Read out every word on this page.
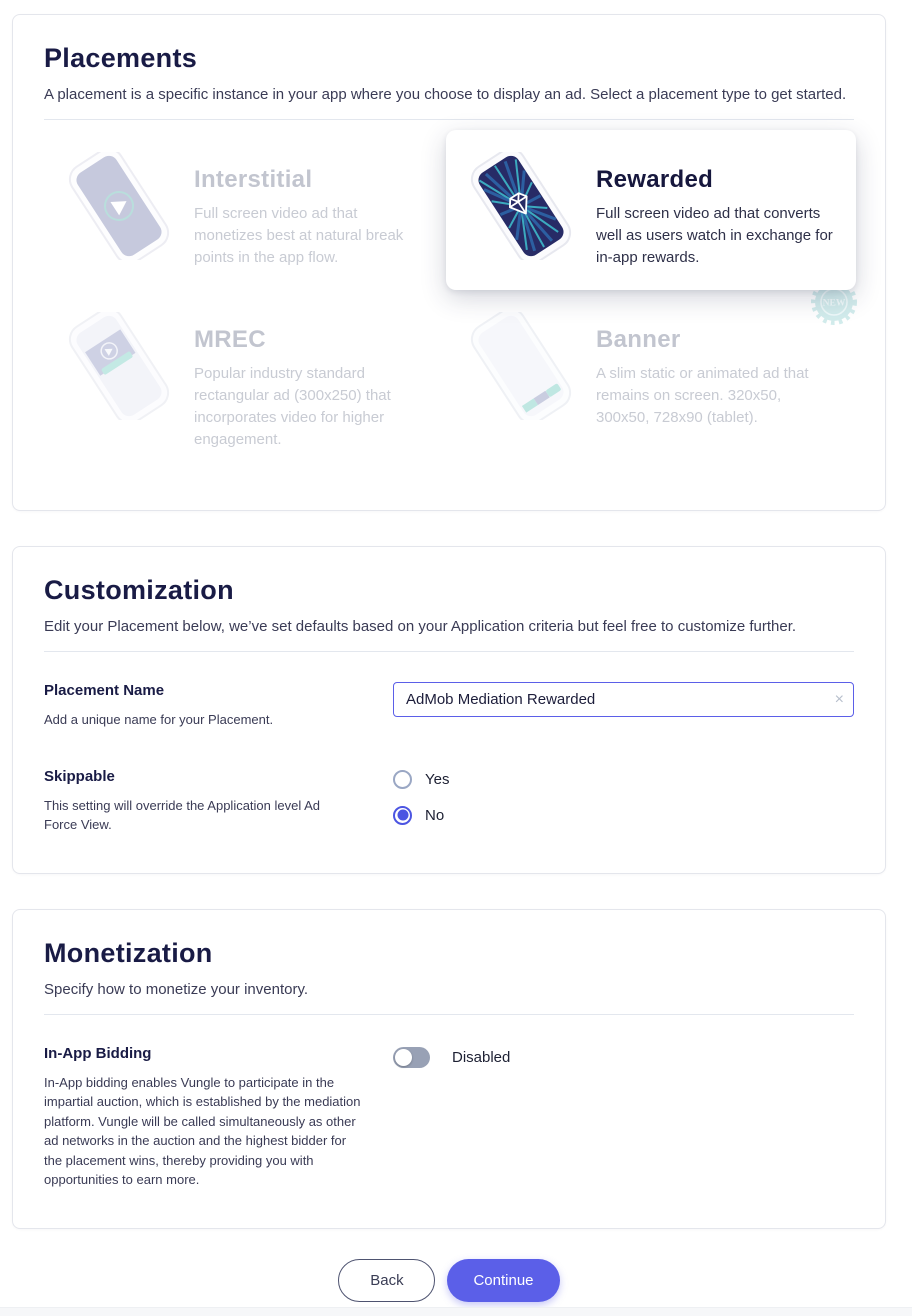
Placements

A placement is a specific instance in your app where you choose to display an ad. Select a placement type to get started.

Interstitial

Full screen video ad that monetizes best at natural break points in the app flow.

Rewarded

Full screen video ad that converts well as users watch in exchange for in-app rewards.

MREC

Popular industry standard rectangular ad (300x250) that incorporates video for higher engagement.

Banner

A slim static or animated ad that remains on screen. 320x50, 300x50, 728x90 (tablet).

NEW
Customization

Edit your Placement below, we’ve set defaults based on your Application criteria but feel free to customize further.

Placement Name

Add a unique name for your Placement.

AdMob Mediation Rewarded
×
Skippable

This setting will override the Application level Ad Force View.

Yes
No
Monetization

Specify how to monetize your inventory.

In-App Bidding

In-App bidding enables Vungle to participate in the impartial auction, which is established by the mediation platform. Vungle will be called simultaneously as other ad networks in the auction and the highest bidder for the placement wins, thereby providing you with opportunities to earn more.

Disabled
Back	Continue
